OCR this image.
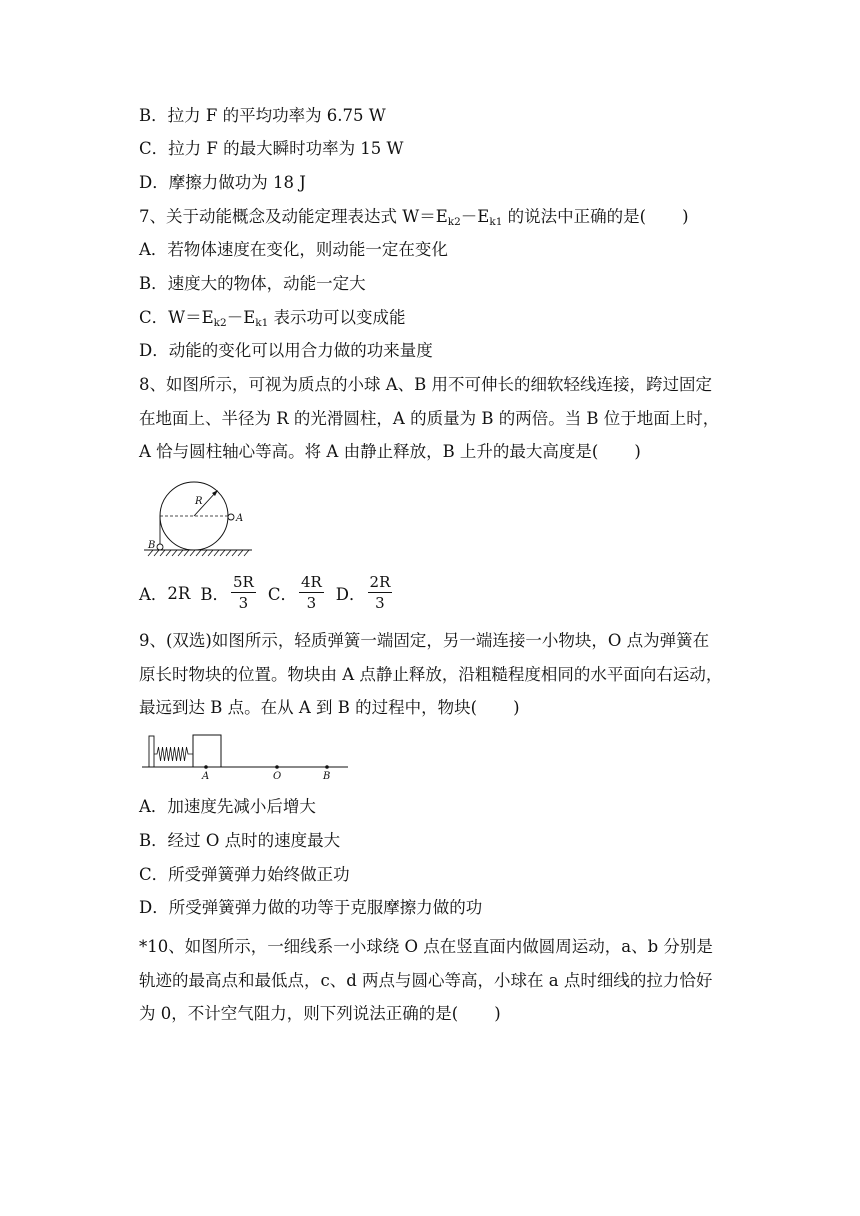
B．拉力 F 的平均功率为 6.75 W
C．拉力 F 的最大瞬时功率为 15 W
D．摩擦力做功为 18 J
7、关于动能概念及动能定理表达式 $W=E_{k2}-E_{k1}$ 的说法中正确的是( )
A．若物体速度在变化，则动能一定在变化
B．速度大的物体，动能一定大
C．$W=E_{k2}-E_{k1}$ 表示功可以变成能
D．动能的变化可以用合力做的功来量度
8、如图所示，可视为质点的小球 A、B 用不可伸长的细软轻线连接，跨过固定
在地面上、半径为 R 的光滑圆柱，A 的质量为 B 的两倍。当 B 位于地面上时，
A 恰与圆柱轴心等高。将 A 由静止释放，B 上升的最大高度是( )
R
A
B
A． 2R B． $\frac{5R}{3}$ C． $\frac{4R}{3}$ D． $\frac{2R}{3}$
9、(双选)如图所示，轻质弹簧一端固定，另一端连接一小物块，O 点为弹簧在
原长时物块的位置。物块由 A 点静止释放，沿粗糙程度相同的水平面向右运动，
最远到达 B 点。在从 A 到 B 的过程中，物块( )
A	O	B
A．加速度先减小后增大
B．经过 O 点时的速度最大
C．所受弹簧弹力始终做正功
D．所受弹簧弹力做的功等于克服摩擦力做的功
*10、如图所示，一细线系一小球绕 O 点在竖直面内做圆周运动，a、b 分别是
轨迹的最高点和最低点，c、d 两点与圆心等高，小球在 a 点时细线的拉力恰好
为 0，不计空气阻力，则下列说法正确的是( )
